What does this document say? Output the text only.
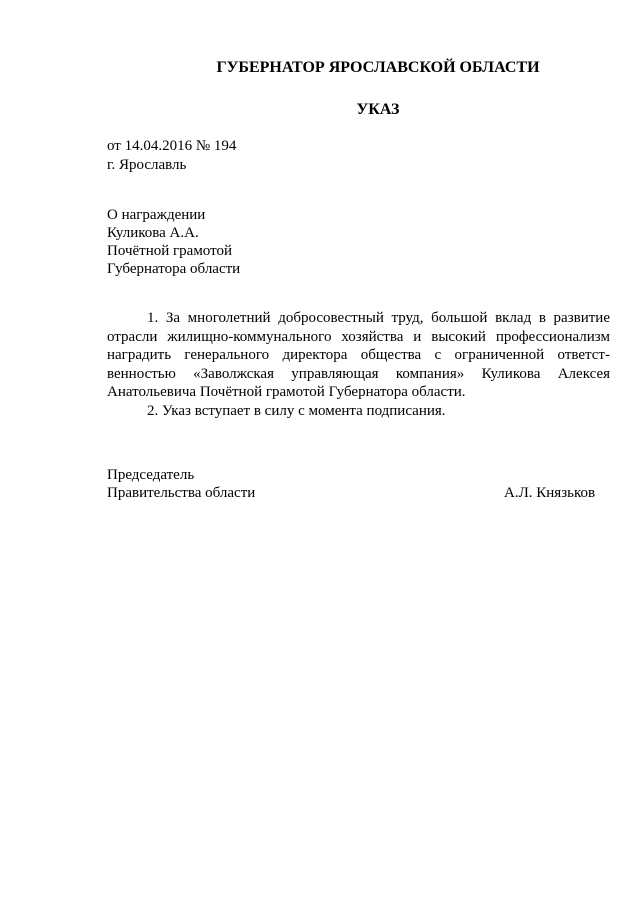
ГУБЕРНАТОР ЯРОСЛАВСКОЙ ОБЛАСТИ
УКАЗ

от 14.04.2016 № 194

г. Ярославль

О награждении

Куликова А.А.

Почётной грамотой

Губернатора области

1. За многолетний добросовестный труд, большой вклад в развитие отрасли жилищно-коммунального хозяйства и высокий профессионализм наградить генерального директора общества с ограниченной ответст-венностью «Заволжская управляющая компания» Куликова Алексея Анатольевича Почётной грамотой Губернатора области.

2. Указ вступает в силу с момента подписания.

Председатель

Правительства области	А.Л. Князьков
